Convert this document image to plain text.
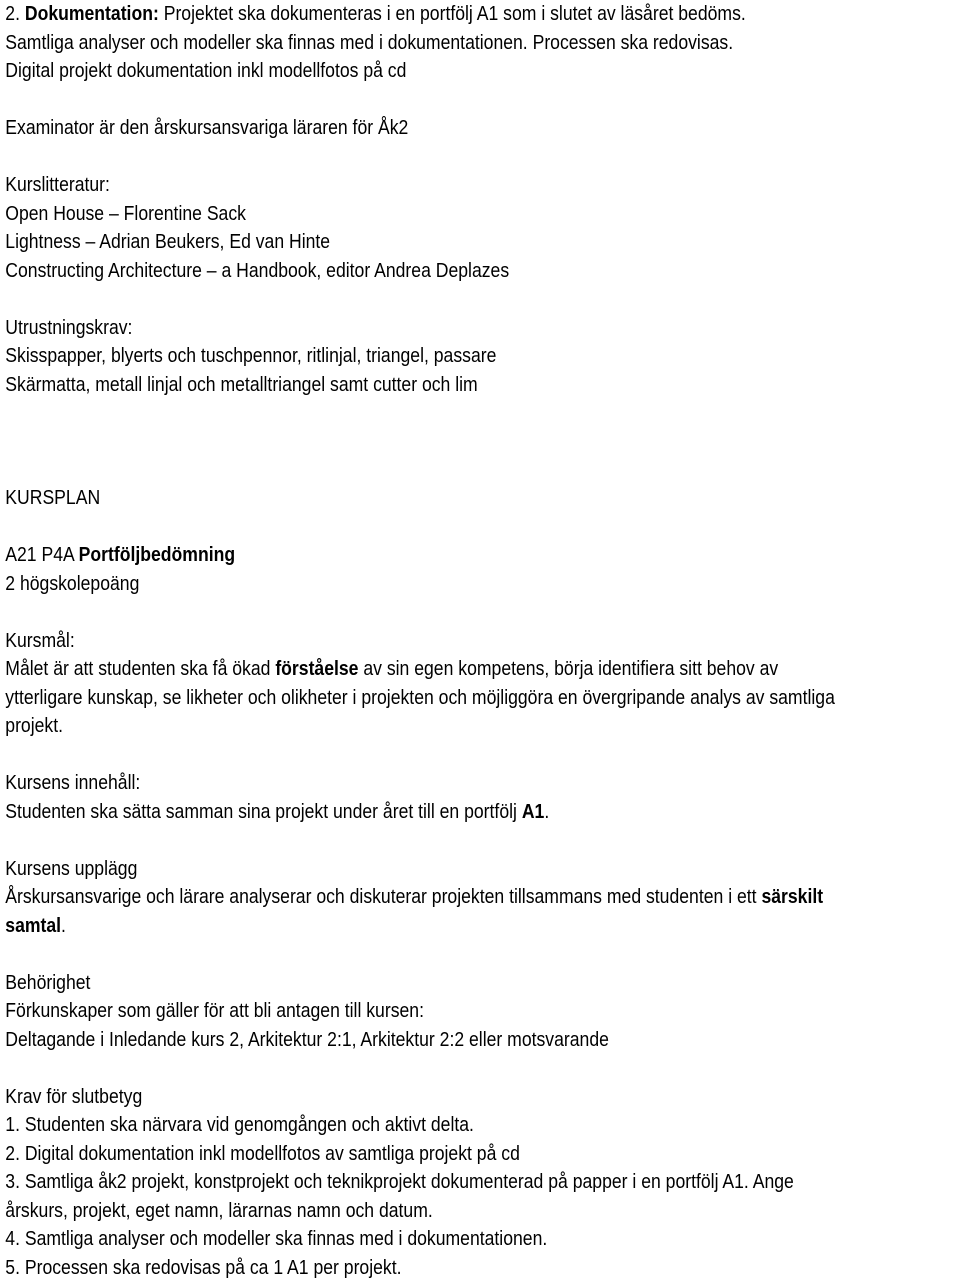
2. Dokumentation: Projektet ska dokumenteras i en portfölj A1 som i slutet av läsåret bedöms.

Samtliga analyser och modeller ska finnas med i dokumentationen. Processen ska redovisas.

Digital projekt dokumentation inkl modellfotos på cd

Examinator är den årskursansvariga läraren för Åk2

Kurslitteratur:

Open House – Florentine Sack

Lightness – Adrian Beukers, Ed van Hinte

Constructing Architecture – a Handbook, editor Andrea Deplazes

Utrustningskrav:

Skisspapper, blyerts och tuschpennor, ritlinjal, triangel, passare

Skärmatta, metall linjal och metalltriangel samt cutter och lim

KURSPLAN

A21 P4A Portföljbedömning

2 högskolepoäng

Kursmål:

Målet är att studenten ska få ökad förståelse av sin egen kompetens, börja identifiera sitt behov av

ytterligare kunskap, se likheter och olikheter i projekten och möjliggöra en övergripande analys av samtliga

projekt.

Kursens innehåll:

Studenten ska sätta samman sina projekt under året till en portfölj A1.

Kursens upplägg

Årskursansvarige och lärare analyserar och diskuterar projekten tillsammans med studenten i ett särskilt

samtal.

Behörighet

Förkunskaper som gäller för att bli antagen till kursen:

Deltagande i Inledande kurs 2, Arkitektur 2:1, Arkitektur 2:2 eller motsvarande

Krav för slutbetyg

1. Studenten ska närvara vid genomgången och aktivt delta.

2. Digital dokumentation inkl modellfotos av samtliga projekt på cd

3. Samtliga åk2 projekt, konstprojekt och teknikprojekt dokumenterad på papper i en portfölj A1. Ange

årskurs, projekt, eget namn, lärarnas namn och datum.

4. Samtliga analyser och modeller ska finnas med i dokumentationen.

5. Processen ska redovisas på ca 1 A1 per projekt.
